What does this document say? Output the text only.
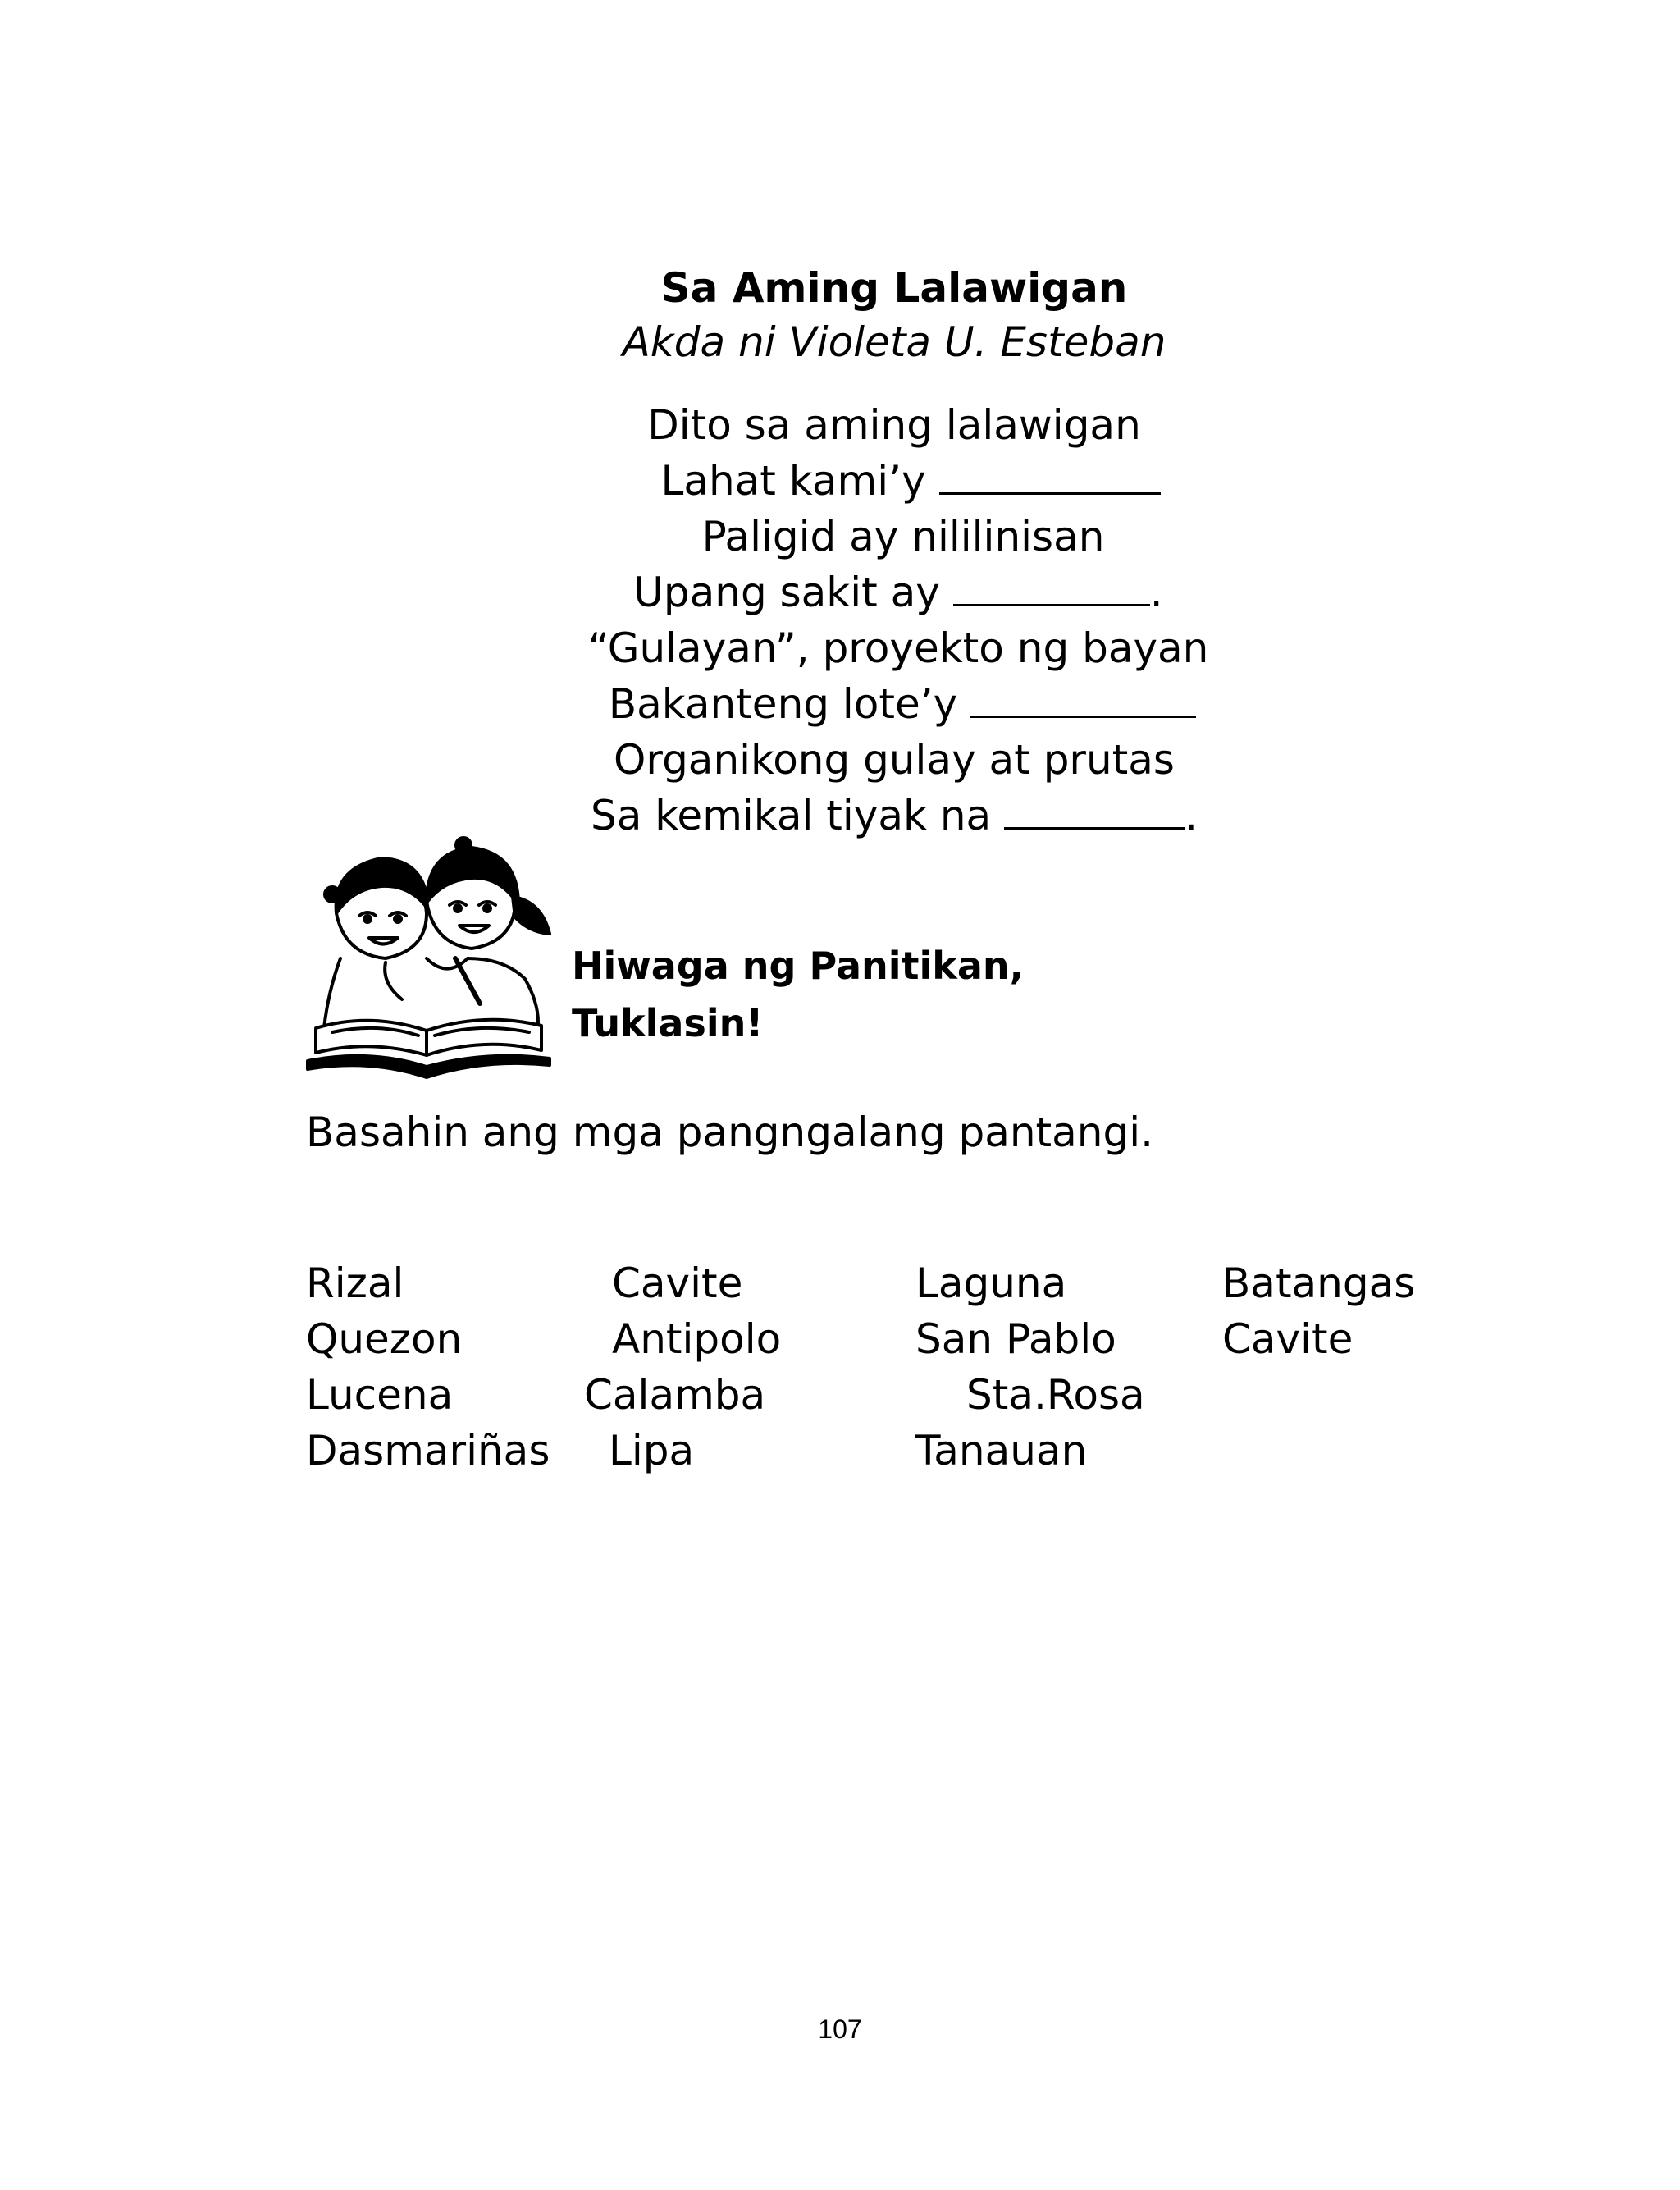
Sa Aming Lalawigan
Akda ni Violeta U. Esteban
Dito sa aming lalawigan
Lahat kami’y
Paligid ay nililinisan
Upang sakit ay	.
“Gulayan”, proyekto ng bayan
Bakanteng lote’y
Organikong gulay at prutas
Sa kemikal tiyak na	.
Hiwaga ng Panitikan,
Tuklasin!
Basahin ang mga pangngalang pantangi.
Rizal
Quezon
Lucena
Dasmariñas
Cavite
Antipolo
Calamba
Lipa
Laguna
San Pablo
Sta.Rosa
Tanauan
Batangas
Cavite
107
